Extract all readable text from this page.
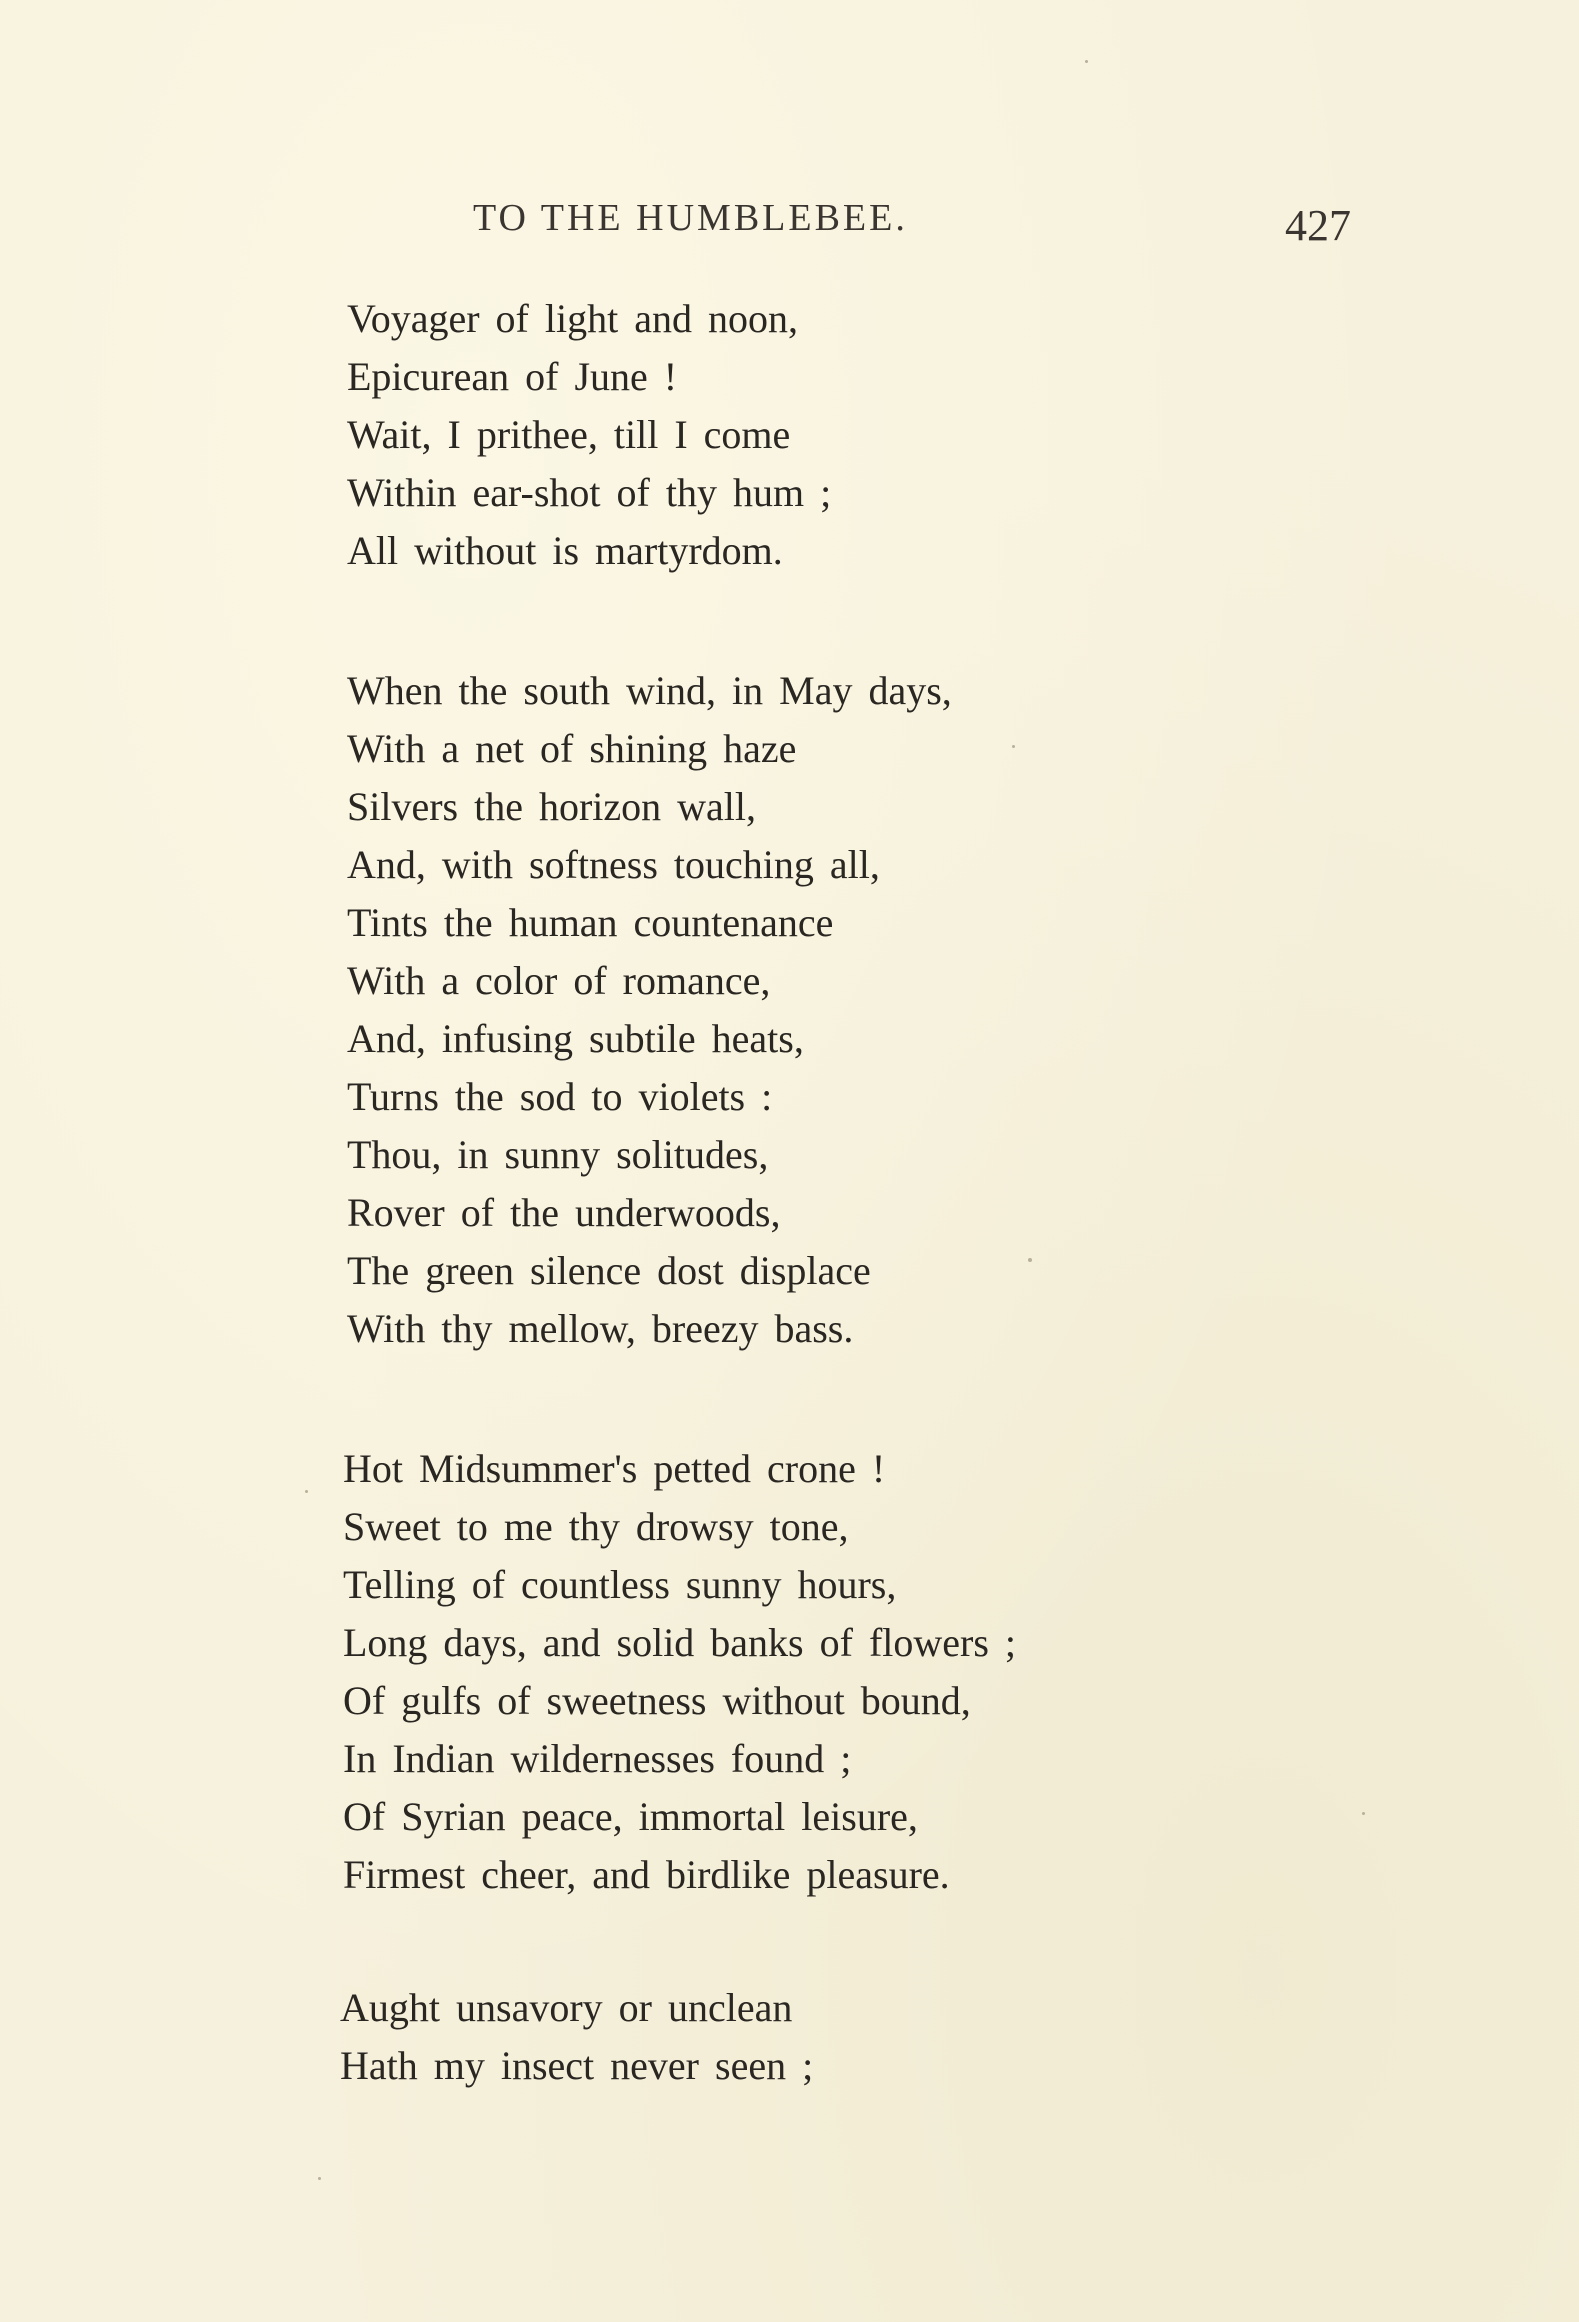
TO THE HUMBLEBEE.	427
Voyager of light and noon,
Epicurean of June !
Wait, I prithee, till I come
Within ear-shot of thy hum ;
All without is martyrdom.
When the south wind, in May days,
With a net of shining haze
Silvers the horizon wall,
And, with softness touching all,
Tints the human countenance
With a color of romance,
And, infusing subtile heats,
Turns the sod to violets :
Thou, in sunny solitudes,
Rover of the underwoods,
The green silence dost displace
With thy mellow, breezy bass.
Hot Midsummer's petted crone !
Sweet to me thy drowsy tone,
Telling of countless sunny hours,
Long days, and solid banks of flowers ;
Of gulfs of sweetness without bound,
In Indian wildernesses found ;
Of Syrian peace, immortal leisure,
Firmest cheer, and birdlike pleasure.
Aught unsavory or unclean
Hath my insect never seen ;
